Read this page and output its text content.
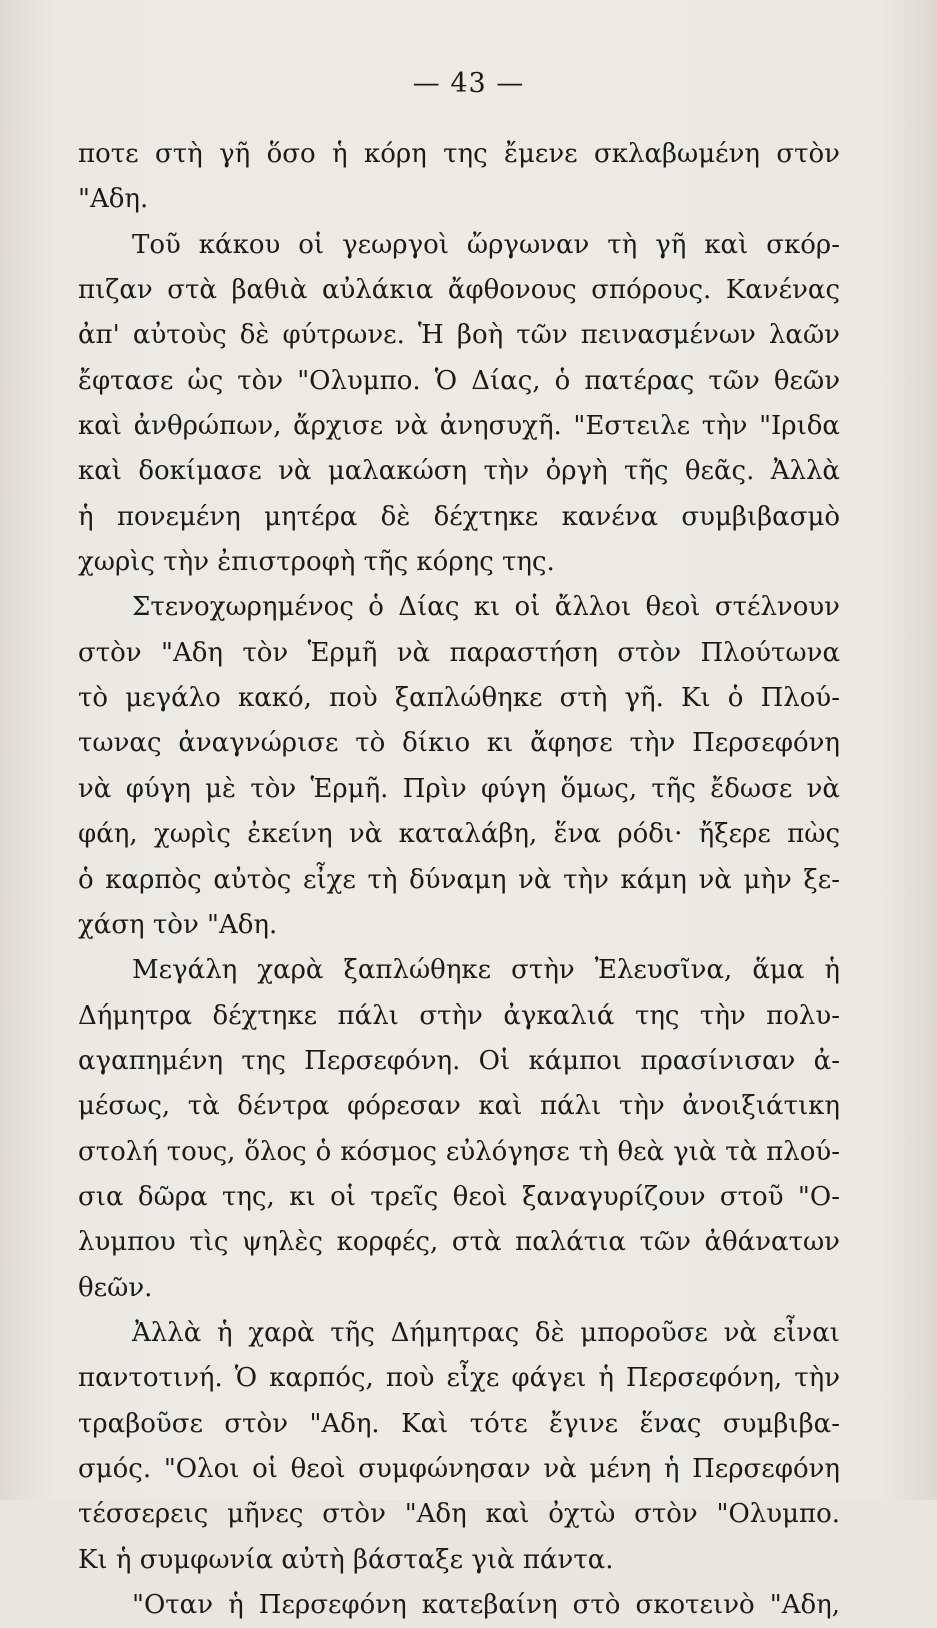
— 43 —
ποτε στὴ γῆ ὅσο ἡ κόρη της ἔμενε σκλαβωμένη στὸν
"Αδη.
Τοῦ κάκου οἱ γεωργοὶ ὤργωναν τὴ γῆ καὶ σκόρ-
πιζαν στὰ βαθιὰ αὐλάκια ἄφθονους σπόρους. Κανένας
ἀπ' αὐτοὺς δὲ φύτρωνε. Ἡ βοὴ τῶν πεινασμένων λαῶν
ἔφτασε ὡς τὸν "Ολυμπο. Ὁ Δίας, ὁ πατέρας τῶν θεῶν
καὶ ἀνθρώπων, ἄρχισε νὰ ἀνησυχῆ. "Εστειλε τὴν "Ιριδα
καὶ δοκίμασε νὰ μαλακώση τὴν ὀργὴ τῆς θεᾶς. Ἀλλὰ
ἡ πονεμένη μητέρα δὲ δέχτηκε κανένα συμβιβασμὸ
χωρὶς τὴν ἐπιστροφὴ τῆς κόρης της.
Στενοχωρημένος ὁ Δίας κι οἱ ἄλλοι θεοὶ στέλνουν
στὸν "Αδη τὸν Ἑρμῆ νὰ παραστήση στὸν Πλούτωνα
τὸ μεγάλο κακό, ποὺ ξαπλώθηκε στὴ γῆ. Κι ὁ Πλού-
τωνας ἀναγνώρισε τὸ δίκιο κι ἄφησε τὴν Περσεφόνη
νὰ φύγη μὲ τὸν Ἑρμῆ. Πρὶν φύγη ὅμως, τῆς ἔδωσε νὰ
φάη, χωρὶς ἐκείνη νὰ καταλάβη, ἕνα ρόδι· ἤξερε πὼς
ὁ καρπὸς αὐτὸς εἶχε τὴ δύναμη νὰ τὴν κάμη νὰ μὴν ξε-
χάση τὸν "Αδη.
Μεγάλη χαρὰ ξαπλώθηκε στὴν Ἐλευσῖνα, ἅμα ἡ
Δήμητρα δέχτηκε πάλι στὴν ἀγκαλιά της τὴν πολυ-
αγαπημένη της Περσεφόνη. Οἱ κάμποι πρασίνισαν ἀ-
μέσως, τὰ δέντρα φόρεσαν καὶ πάλι τὴν ἀνοιξιάτικη
στολή τους, ὅλος ὁ κόσμος εὐλόγησε τὴ θεὰ γιὰ τὰ πλού-
σια δῶρα της, κι οἱ τρεῖς θεοὶ ξαναγυρίζουν στοῦ "Ο-
λυμπου τὶς ψηλὲς κορφές, στὰ παλάτια τῶν ἀθάνατων
θεῶν.
Ἀλλὰ ἡ χαρὰ τῆς Δήμητρας δὲ μποροῦσε νὰ εἶναι
παντοτινή. Ὁ καρπός, ποὺ εἶχε φάγει ἡ Περσεφόνη, τὴν
τραβοῦσε στὸν "Αδη. Καὶ τότε ἔγινε ἕνας συμβιβα-
σμός. "Ολοι οἱ θεοὶ συμφώνησαν νὰ μένη ἡ Περσεφόνη
τέσσερεις μῆνες στὸν "Αδη καὶ ὀχτὼ στὸν "Ολυμπο.
Κι ἡ συμφωνία αὐτὴ βάσταξε γιὰ πάντα.
"Οταν ἡ Περσεφόνη κατεβαίνη στὸ σκοτεινὸ "Αδη,
